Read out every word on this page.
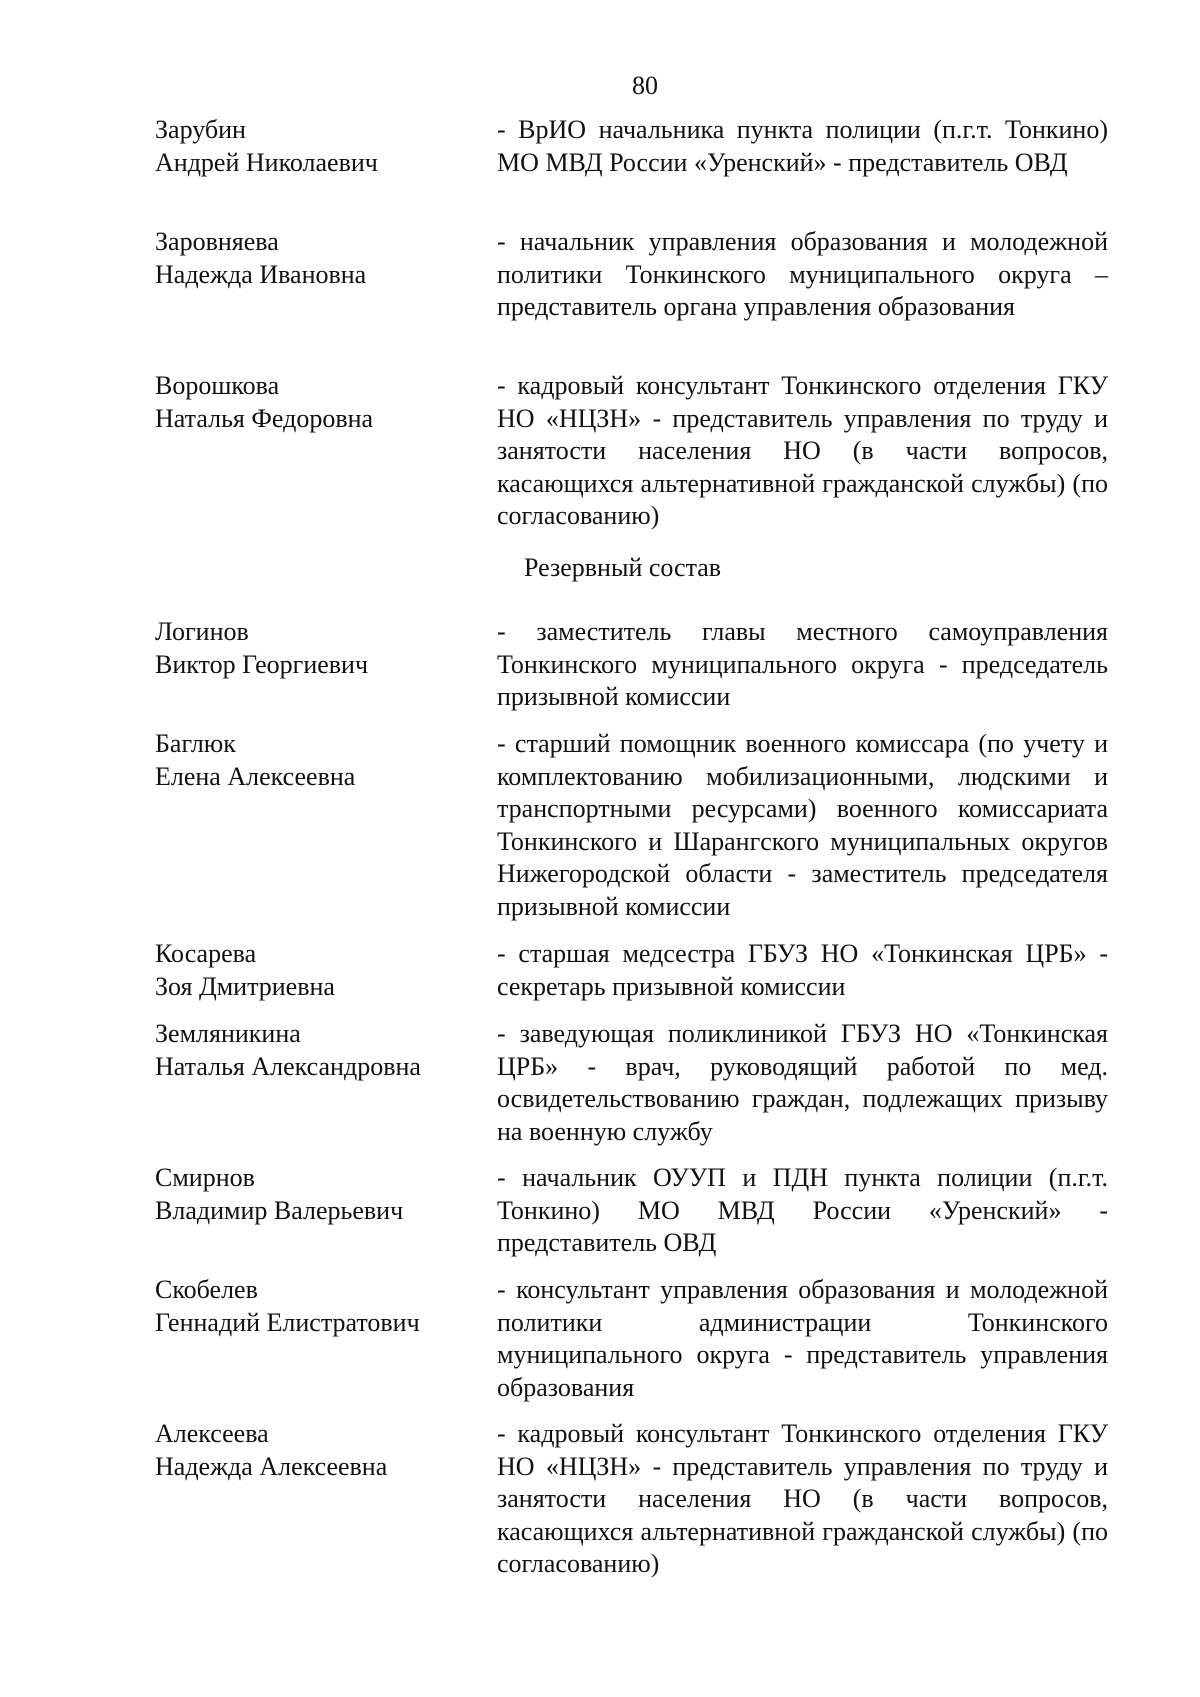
80
Зарубин
Андрей Николаевич
- ВрИО начальника пункта полиции (п.г.т. Тонкино) МО МВД России «Уренский» - представитель ОВД
Заровняева
Надежда Ивановна
- начальник управления образования и молодежной политики Тонкинского муниципального округа – представитель органа управления образования
Ворошкова
Наталья Федоровна
- кадровый консультант Тонкинского отделения ГКУ НО «НЦЗН» - представитель управления по труду и занятости населения НО (в части вопросов, касающихся альтернативной гражданской службы) (по согласованию)
Резервный состав
Логинов
Виктор Георгиевич
- заместитель главы местного самоуправления Тонкинского муниципального округа - председатель призывной комиссии
Баглюк
Елена Алексеевна
- старший помощник военного комиссара (по учету и комплектованию мобилизационными, людскими и транспортными ресурсами) военного комиссариата Тонкинского и Шарангского муниципальных округов Нижегородской области - заместитель председателя призывной комиссии
Косарева
Зоя Дмитриевна
- старшая медсестра ГБУЗ НО «Тонкинская ЦРБ» - секретарь призывной комиссии
Земляникина
Наталья Александровна
- заведующая поликлиникой ГБУЗ НО «Тонкинская ЦРБ» - врач, руководящий работой по мед. освидетельствованию граждан, подлежащих призыву на военную службу
Смирнов
Владимир Валерьевич
- начальник ОУУП и ПДН пункта полиции (п.г.т. Тонкино) МО МВД России «Уренский» - представитель ОВД
Скобелев
Геннадий Елистратович
- консультант управления образования и молодежной политики администрации Тонкинского муниципального округа - представитель управления образования
Алексеева
Надежда Алексеевна
- кадровый консультант Тонкинского отделения ГКУ НО «НЦЗН» - представитель управления по труду и занятости населения НО (в части вопросов, касающихся альтернативной гражданской службы) (по согласованию)
